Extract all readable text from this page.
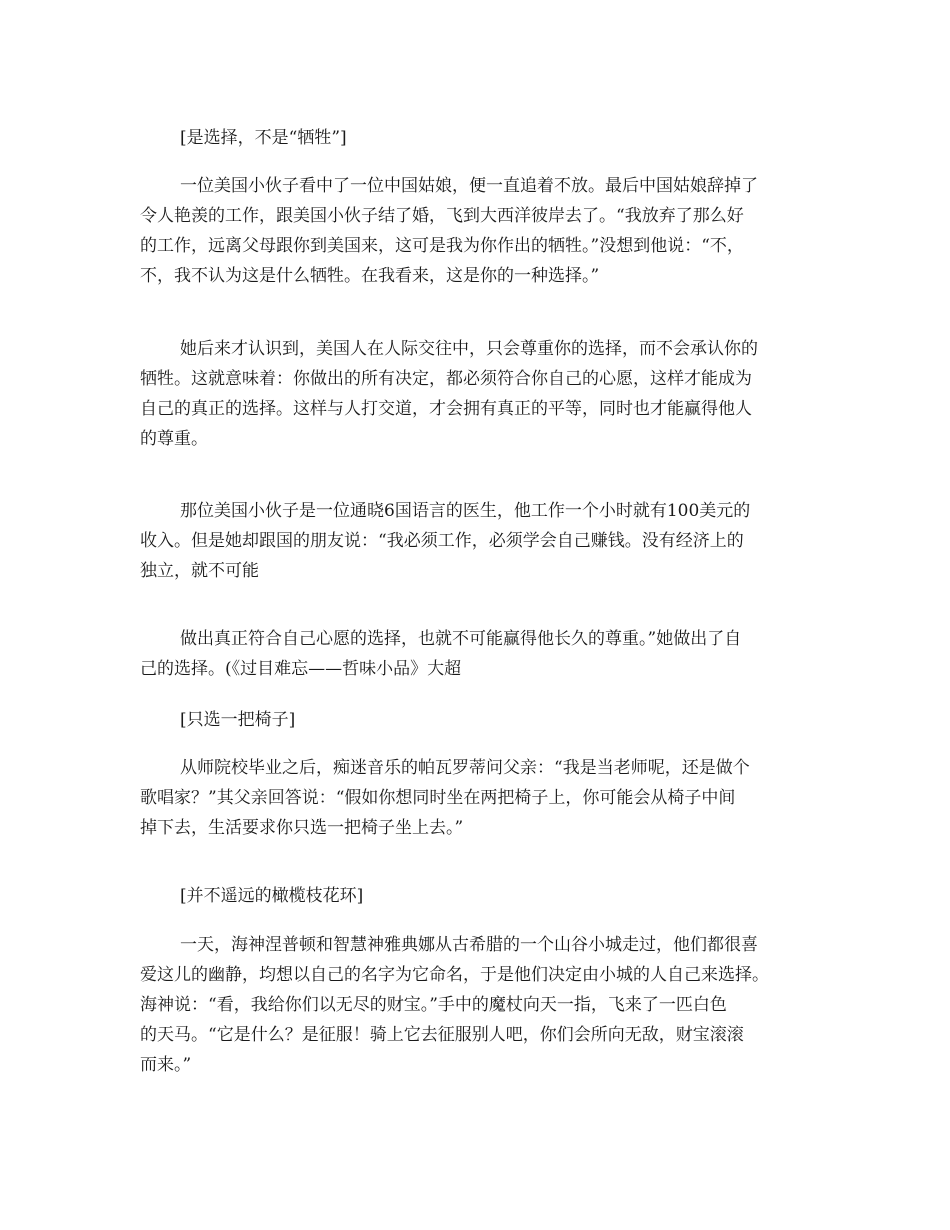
[是选择，不是“牺牲”]

一位美国小伙子看中了一位中国姑娘，便一直追着不放。最后中国姑娘辞掉了
令人艳羡的工作，跟美国小伙子结了婚，飞到大西洋彼岸去了。“我放弃了那么好
的工作，远离父母跟你到美国来，这可是我为你作出的牺牲。”没想到他说：“不，
不，我不认为这是什么牺牲。在我看来，这是你的一种选择。”

她后来才认识到，美国人在人际交往中，只会尊重你的选择，而不会承认你的
牺牲。这就意味着：你做出的所有决定，都必须符合你自己的心愿，这样才能成为
自己的真正的选择。这样与人打交道，才会拥有真正的平等，同时也才能赢得他人
的尊重。

那位美国小伙子是一位通晓6国语言的医生，他工作一个小时就有100美元的
收入。但是她却跟国的朋友说：“我必须工作，必须学会自己赚钱。没有经济上的
独立，就不可能

做出真正符合自己心愿的选择，也就不可能赢得他长久的尊重。”她做出了自
己的选择。(《过目难忘——哲味小品》大超

[只选一把椅子]

从师院校毕业之后，痴迷音乐的帕瓦罗蒂问父亲：“我是当老师呢，还是做个
歌唱家？”其父亲回答说：“假如你想同时坐在两把椅子上，你可能会从椅子中间
掉下去，生活要求你只选一把椅子坐上去。”

[并不遥远的橄榄枝花环]

一天，海神涅普顿和智慧神雅典娜从古希腊的一个山谷小城走过，他们都很喜
爱这儿的幽静，均想以自己的名字为它命名，于是他们决定由小城的人自己来选择。
海神说：“看，我给你们以无尽的财宝。”手中的魔杖向天一指，飞来了一匹白色
的天马。“它是什么？是征服！骑上它去征服别人吧，你们会所向无敌，财宝滚滚
而来。”
